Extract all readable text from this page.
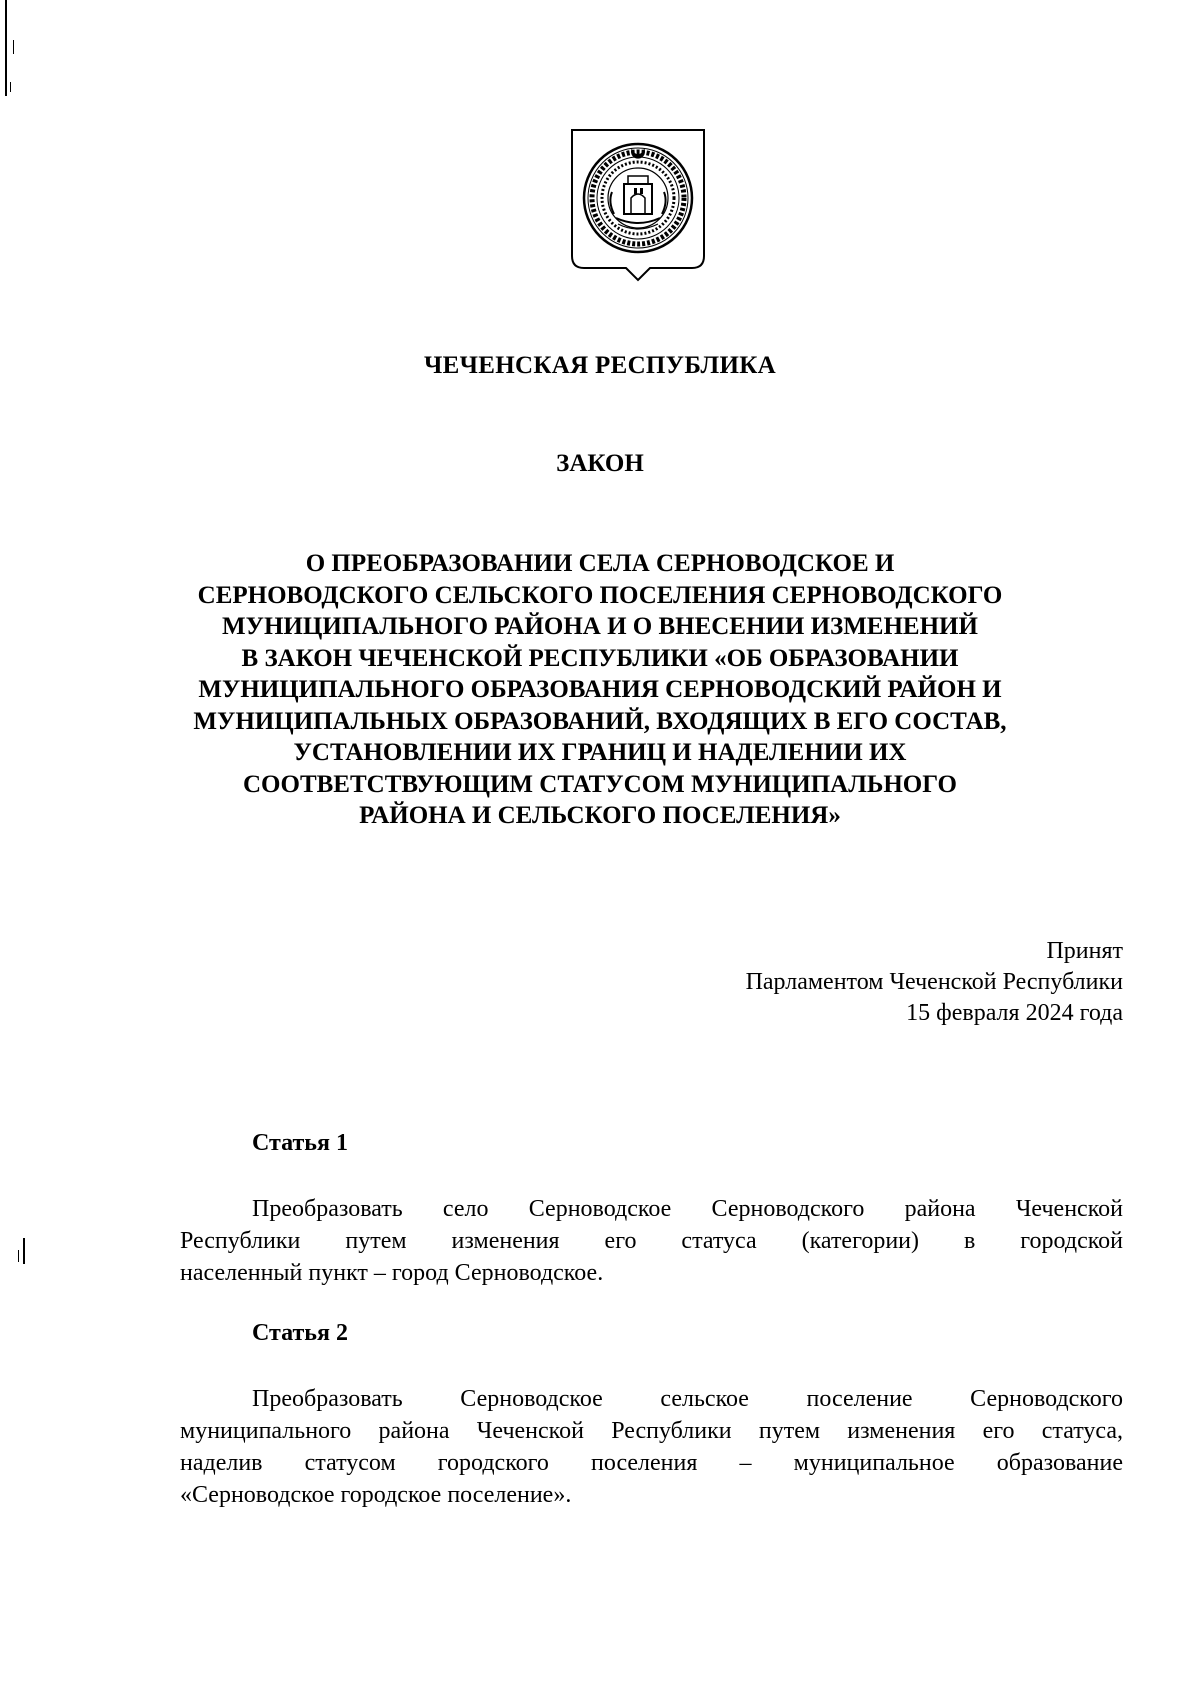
ЧЕЧЕНСКАЯ РЕСПУБЛИКА
ЗАКОН
О ПРЕОБРАЗОВАНИИ СЕЛА СЕРНОВОДСКОЕ И
СЕРНОВОДСКОГО СЕЛЬСКОГО ПОСЕЛЕНИЯ СЕРНОВОДСКОГО
МУНИЦИПАЛЬНОГО РАЙОНА И О ВНЕСЕНИИ ИЗМЕНЕНИЙ
В ЗАКОН ЧЕЧЕНСКОЙ РЕСПУБЛИКИ «ОБ ОБРАЗОВАНИИ
МУНИЦИПАЛЬНОГО ОБРАЗОВАНИЯ СЕРНОВОДСКИЙ РАЙОН И
МУНИЦИПАЛЬНЫХ ОБРАЗОВАНИЙ, ВХОДЯЩИХ В ЕГО СОСТАВ,
УСТАНОВЛЕНИИ ИХ ГРАНИЦ И НАДЕЛЕНИИ ИХ
СООТВЕТСТВУЮЩИМ СТАТУСОМ МУНИЦИПАЛЬНОГО
РАЙОНА И СЕЛЬСКОГО ПОСЕЛЕНИЯ»
Принят
Парламентом Чеченской Республики
15 февраля 2024 года
Статья 1
Преобразовать село Серноводское Серноводского района Чеченской
Республики путем изменения его статуса (категории) в городской
населенный пункт – город Серноводское.
Статья 2
Преобразовать Серноводское сельское поселение Серноводского
муниципального района Чеченской Республики путем изменения его статуса,
наделив статусом городского поселения – муниципальное образование
«Серноводское городское поселение».
